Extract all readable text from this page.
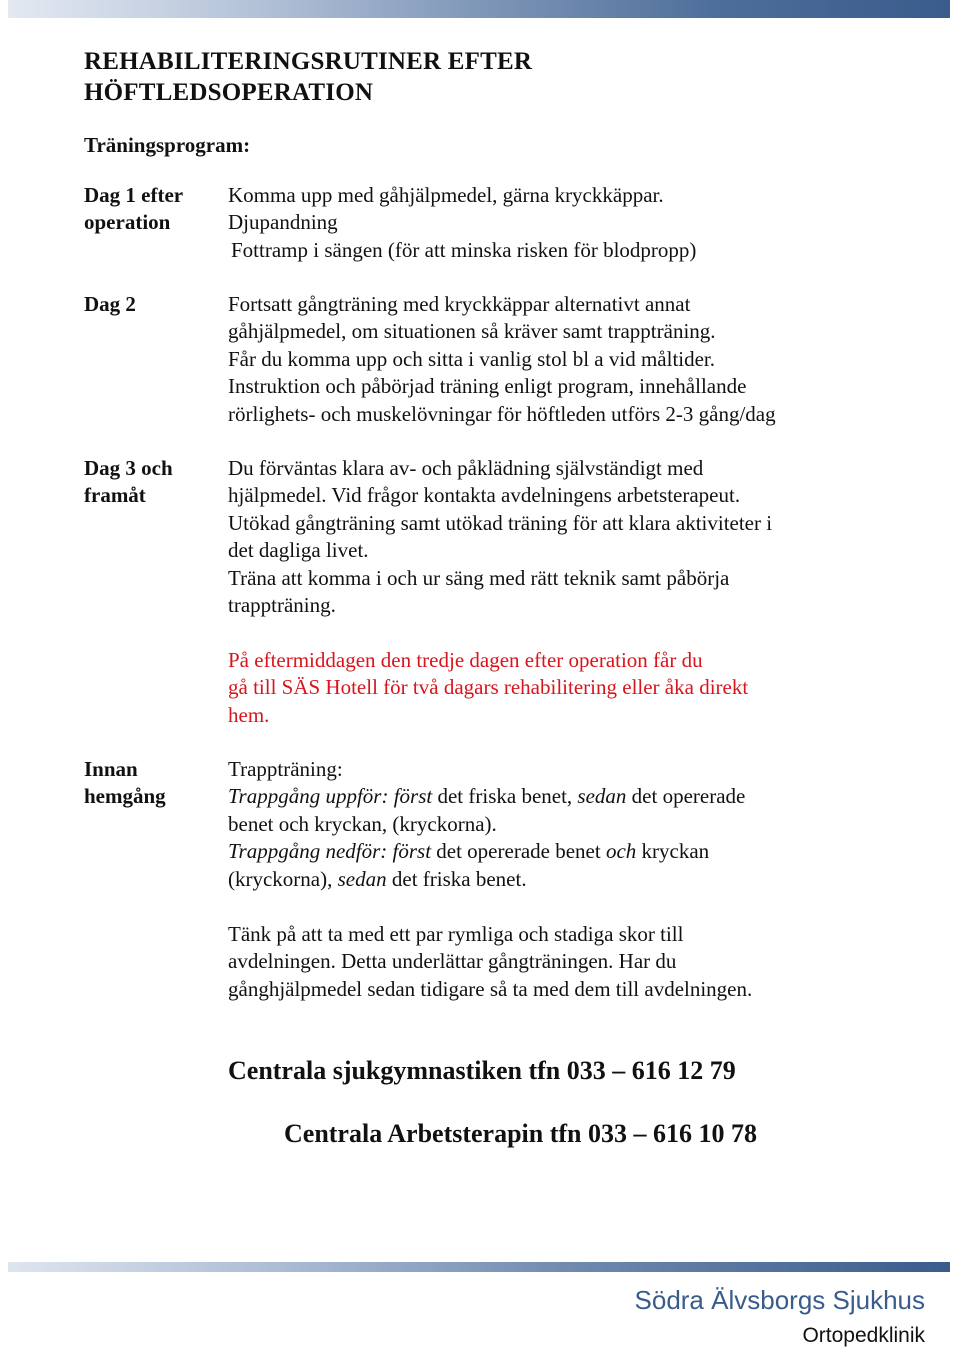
REHABILITERINGSRUTINER EFTER
HÖFTLEDSOPERATION
Träningsprogram:
Dag 1 efter
operation
Komma upp med gåhjälpmedel, gärna kryckkäppar.
Djupandning
Fottramp i sängen (för att minska risken för blodpropp)
Dag 2	Fortsatt gångträning med kryckkäppar alternativt annat
gåhjälpmedel, om situationen så kräver samt trappträning.
Får du komma upp och sitta i vanlig stol bl a vid måltider.
Instruktion och påbörjad träning enligt program, innehållande
rörlighets- och muskelövningar för höftleden utförs 2-3 gång/dag
Dag 3 och
framåt
Du förväntas klara av- och påklädning självständigt med
hjälpmedel. Vid frågor kontakta avdelningens arbetsterapeut.
Utökad gångträning samt utökad träning för att klara aktiviteter i
det dagliga livet.
Träna att komma i och ur säng med rätt teknik samt påbörja
trappträning.
På eftermiddagen den tredje dagen efter operation får du
gå till SÄS Hotell för två dagars rehabilitering eller åka direkt
hem.
Innan
hemgång
Trappträning:
Trappgång uppför: först det friska benet, sedan det opererade
benet och kryckan, (kryckorna).
Trappgång nedför: först det opererade benet och kryckan
(kryckorna), sedan det friska benet.
Tänk på att ta med ett par rymliga och stadiga skor till
avdelningen. Detta underlättar gångträningen. Har du
gånghjälpmedel sedan tidigare så ta med dem till avdelningen.

Centrala sjukgymnastiken tfn 033 – 616 12 79

Centrala Arbetsterapin tfn 033 – 616 10 78

Södra Älvsborgs Sjukhus

Ortopedklinik
